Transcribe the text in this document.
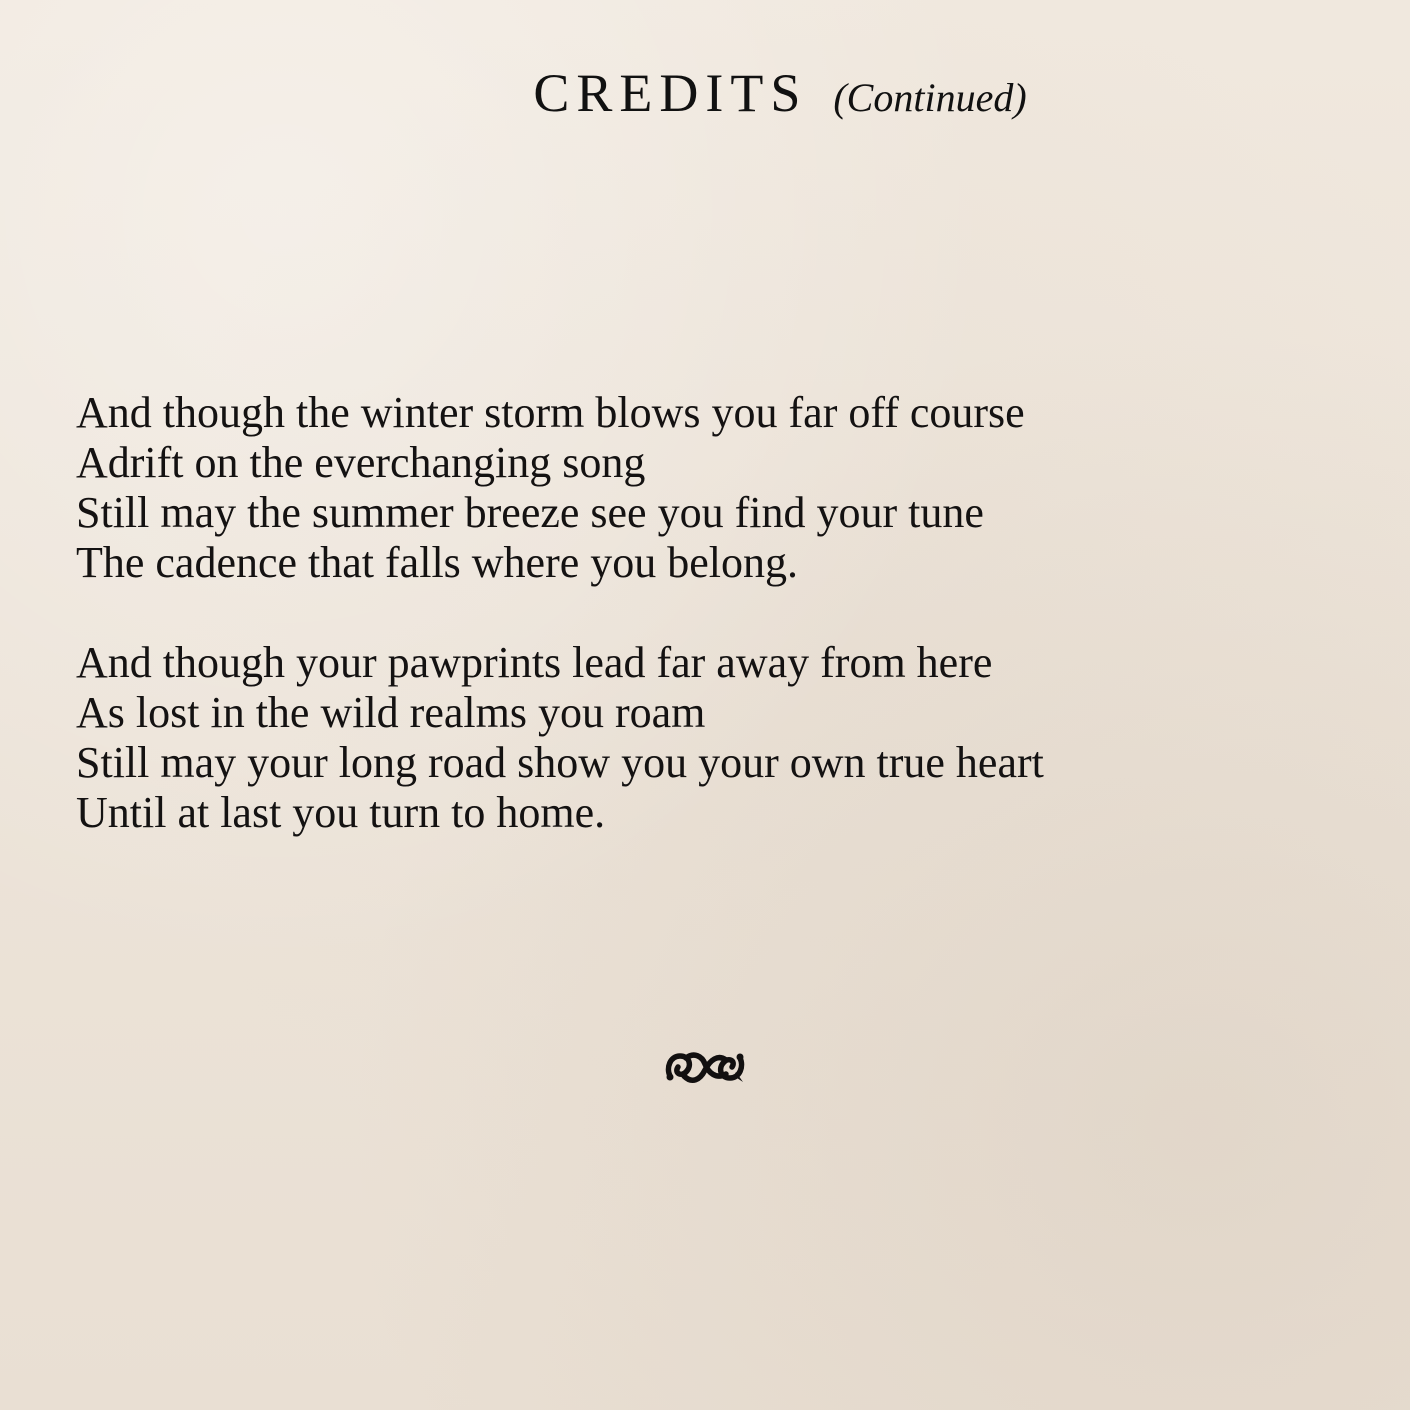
CREDITS (Continued)
And though the winter storm blows you far off course
Adrift on the everchanging song
Still may the summer breeze see you find your tune
The cadence that falls where you belong.
And though your pawprints lead far away from here
As lost in the wild realms you roam
Still may your long road show you your own true heart
Until at last you turn to home.
